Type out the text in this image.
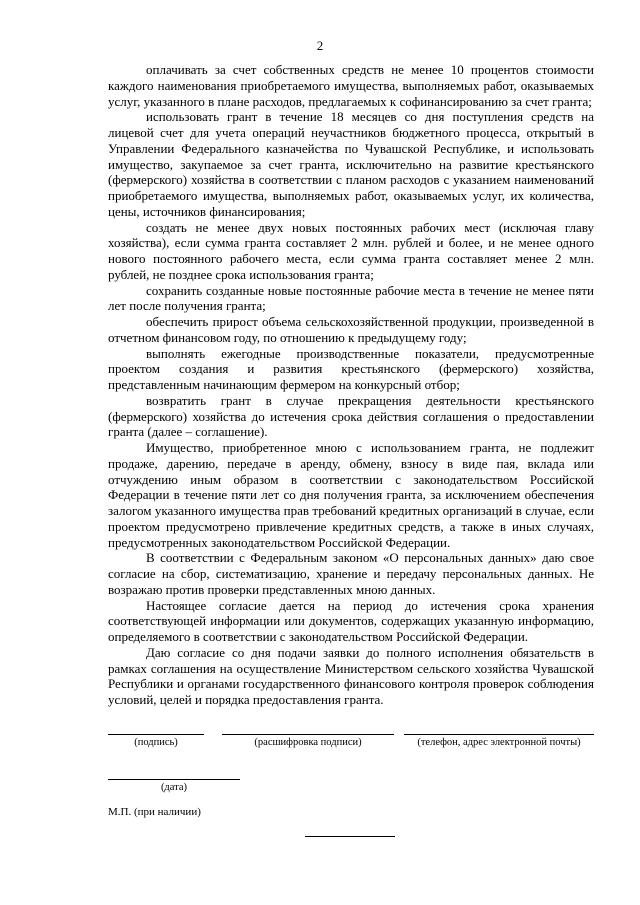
2

оплачивать за счет собственных средств не менее 10 процентов стоимости каждого наименования приобретаемого имущества, выполняемых работ, оказываемых услуг, указанного в плане расходов, предлагаемых к софинансированию за счет гранта;

использовать грант в течение 18 месяцев со дня поступления средств на лицевой счет для учета операций неучастников бюджетного процесса, открытый в Управлении Федерального казначейства по Чувашской Республике, и использовать имущество, закупаемое за счет гранта, исключительно на развитие крестьянского (фермерского) хозяйства в соответствии с планом расходов с указанием наименований приобретаемого имущества, выполняемых работ, оказываемых услуг, их количества, цены, источников финансирования;

создать не менее двух новых постоянных рабочих мест (исключая главу хозяйства), если сумма гранта составляет 2 млн. рублей и более, и не менее одного нового постоянного рабочего места, если сумма гранта составляет менее 2 млн. рублей, не позднее срока использования гранта;

сохранить созданные новые постоянные рабочие места в течение не менее пяти лет после получения гранта;

обеспечить прирост объема сельскохозяйственной продукции, произведенной в отчетном финансовом году, по отношению к предыдущему году;

выполнять ежегодные производственные показатели, предусмотренные проектом создания и развития крестьянского (фермерского) хозяйства, представленным начинающим фермером на конкурсный отбор;

возвратить грант в случае прекращения деятельности крестьянского (фермерского) хозяйства до истечения срока действия соглашения о предоставлении гранта (далее – соглашение).

Имущество, приобретенное мною с использованием гранта, не подлежит продаже, дарению, передаче в аренду, обмену, взносу в виде пая, вклада или отчуждению иным образом в соответствии с законодательством Российской Федерации в течение пяти лет со дня получения гранта, за исключением обеспечения залогом указанного имущества прав требований кредитных организаций в случае, если проектом предусмотрено привлечение кредитных средств, а также в иных случаях, предусмотренных законодательством Российской Федерации.

В соответствии с Федеральным законом «О персональных данных» даю свое согласие на сбор, систематизацию, хранение и передачу персональных данных. Не возражаю против проверки представленных мною данных.

Настоящее согласие дается на период до истечения срока хранения соответствующей информации или документов, содержащих указанную информацию, определяемого в соответствии с законодательством Российской Федерации.

Даю согласие со дня подачи заявки до полного исполнения обязательств в рамках соглашения на осуществление Министерством сельского хозяйства Чувашской Республики и органами государственного финансового контроля проверок соблюдения условий, целей и порядка предоставления гранта.

(подпись)	(расшифровка подписи)	(телефон, адрес электронной почты)
(дата)
М.П. (при наличии)
